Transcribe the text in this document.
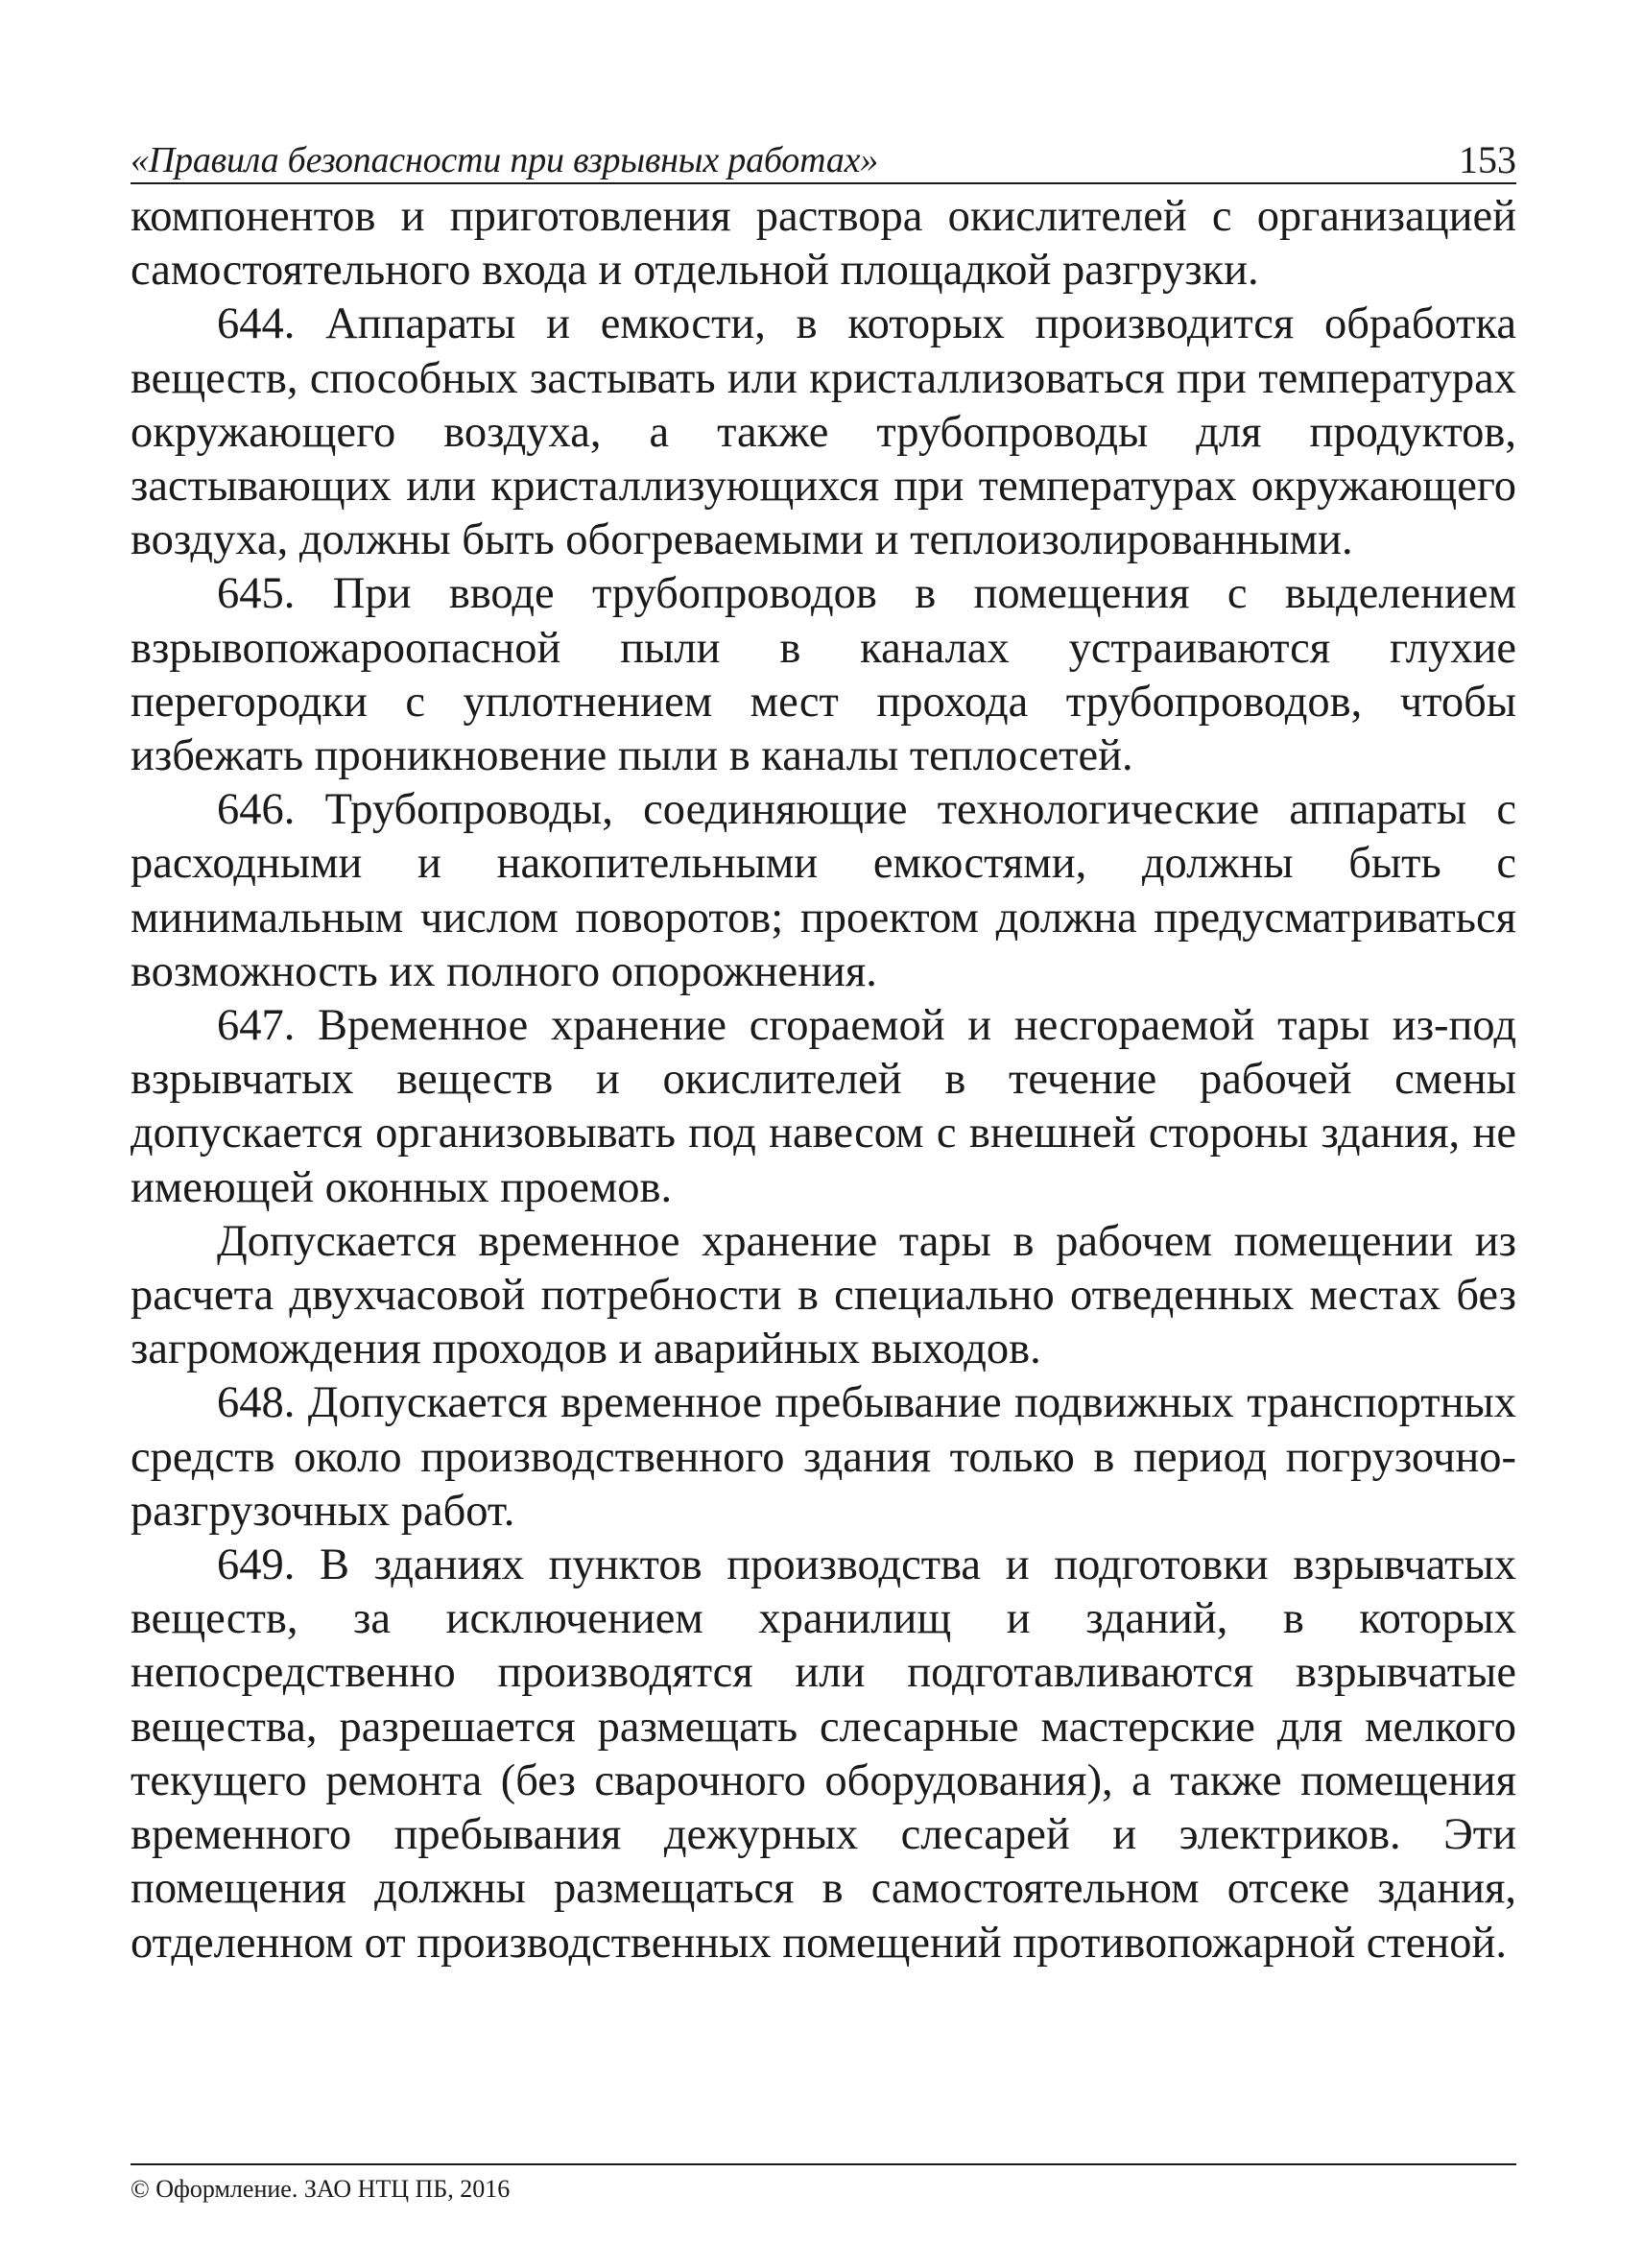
«Правила безопасности при взрывных работах»	153

компонентов и приготовления раствора окислителей с организацией самостоятельного входа и отдельной площадкой разгрузки.

644. Аппараты и емкости, в которых производится обработка веществ, способных застывать или кристаллизоваться при температурах окружающего воздуха, а также трубопроводы для продуктов, застывающих или кристаллизующихся при температурах окружающего воздуха, должны быть обогреваемыми и теплоизолированными.

645. При вводе трубопроводов в помещения с выделением взрывопожароопасной пыли в каналах устраиваются глухие перегородки с уплотнением мест прохода трубопроводов, чтобы избежать проникновение пыли в каналы теплосетей.

646. Трубопроводы, соединяющие технологические аппараты с расходными и накопительными емкостями, должны быть с минимальным числом поворотов; проектом должна предусматриваться возможность их полного опорожнения.

647. Временное хранение сгораемой и несгораемой тары из-под взрывчатых веществ и окислителей в течение рабочей смены допускается организовывать под навесом с внешней стороны здания, не имеющей оконных проемов.

Допускается временное хранение тары в рабочем помещении из расчета двухчасовой потребности в специально отведенных местах без загромождения проходов и аварийных выходов.

648. Допускается временное пребывание подвижных транспортных средств около производственного здания только в период погрузочно-разгрузочных работ.

649. В зданиях пунктов производства и подготовки взрывчатых веществ, за исключением хранилищ и зданий, в которых непосредственно производятся или подготавливаются взрывчатые вещества, разрешается размещать слесарные мастерские для мелкого текущего ремонта (без сварочного оборудования), а также помещения временного пребывания дежурных слесарей и электриков. Эти помещения должны размещаться в самостоятельном отсеке здания, отделенном от производственных помещений противопожарной стеной.

© Оформление. ЗАО НТЦ ПБ, 2016
